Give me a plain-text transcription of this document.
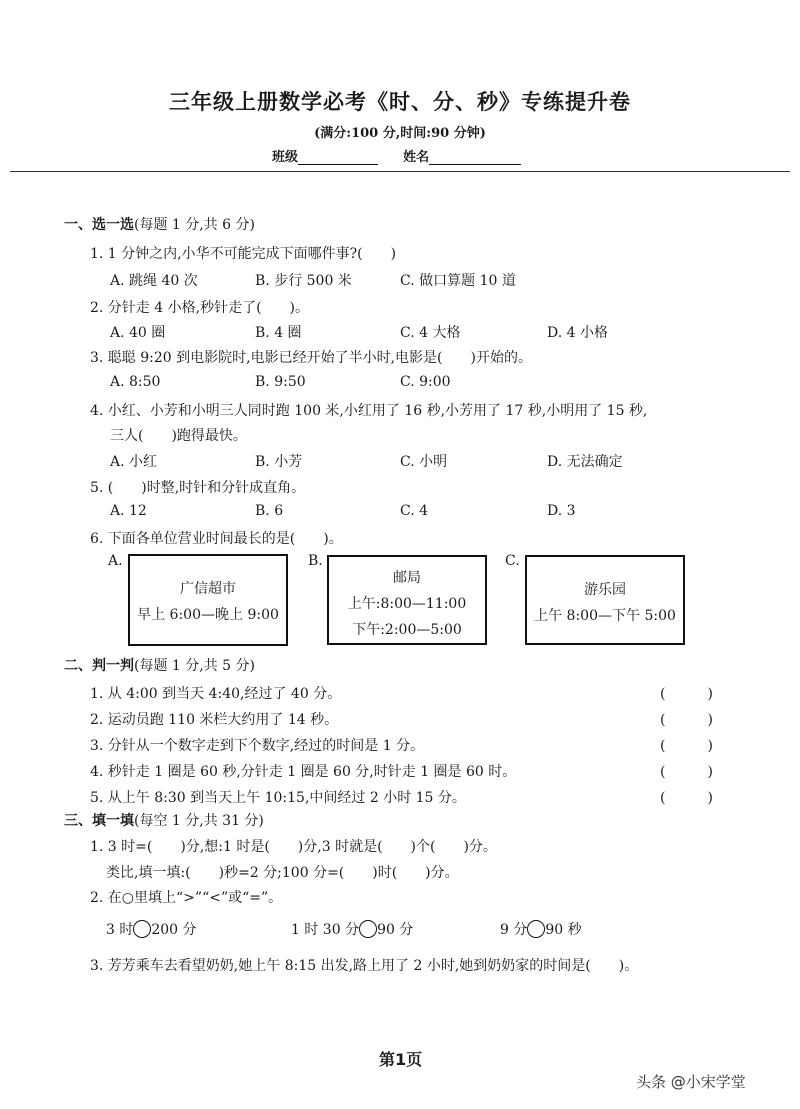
三年级上册数学必考《时、分、秒》专练提升卷
(满分:100 分,时间:90 分钟)
班级	姓名
一、选一选(每题 1 分,共 6 分)
1. 1 分钟之内,小华不可能完成下面哪件事?(　　)
A. 跳绳 40 次	B. 步行 500 米	C. 做口算题 10 道
2. 分针走 4 小格,秒针走了(　　)。
A. 40 圈	B. 4 圈	C. 4 大格	D. 4 小格
3. 聪聪 9:20 到电影院时,电影已经开始了半小时,电影是(　　)开始的。
A. 8:50	B. 9:50	C. 9:00
4. 小红、小芳和小明三人同时跑 100 米,小红用了 16 秒,小芳用了 17 秒,小明用了 15 秒,
三人(　　)跑得最快。
A. 小红	B. 小芳	C. 小明	D. 无法确定
5. (　　)时整,时针和分针成直角。
A. 12	B. 6	C. 4	D. 3
6. 下面各单位营业时间最长的是(　　)。
A.
广信超市
早上 6:00—晚上 9:00
B.
邮局
上午:8:00—11:00
下午:2:00—5:00
C.
游乐园
上午 8:00—下午 5:00
二、判一判(每题 1 分,共 5 分)
1. 从 4:00 到当天 4:40,经过了 40 分。	(　　　)
2. 运动员跑 110 米栏大约用了 14 秒。	(　　　)
3. 分针从一个数字走到下个数字,经过的时间是 1 分。	(　　　)
4. 秒针走 1 圈是 60 秒,分针走 1 圈是 60 分,时针走 1 圈是 60 时。	(　　　)
5. 从上午 8:30 到当天上午 10:15,中间经过 2 小时 15 分。	(　　　)
三、填一填(每空 1 分,共 31 分)
1. 3 时=(　　)分,想:1 时是(　　)分,3 时就是(　　)个(　　)分。
类比,填一填:(　　)秒=2 分;100 分=(　　)时(　　)分。
2. 在○里填上“>”“<”或“=”。
3 时 200 分	1 时 30 分 90 分	9 分 90 秒
3. 芳芳乘车去看望奶奶,她上午 8:15 出发,路上用了 2 小时,她到奶奶家的时间是(　　)。
第1页
头条 @小宋学堂
